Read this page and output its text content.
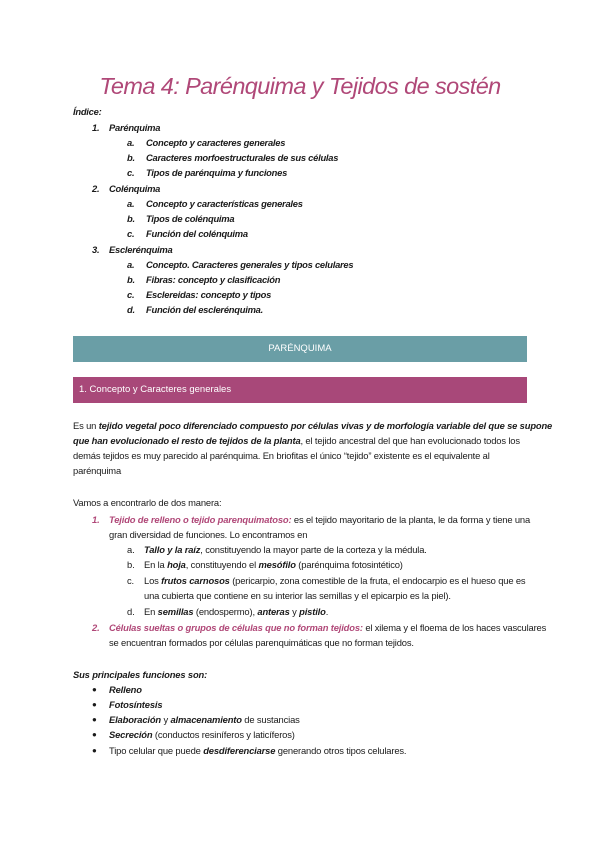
Tema 4: Parénquima y Tejidos de sostén
Índice:
1. Parénquima
a. Concepto y caracteres generales
b. Caracteres morfoestructurales de sus células
c. Tipos de parénquima y funciones
2. Colénquima
a. Concepto y características generales
b. Tipos de colénquima
c. Función del colénquima
3. Esclerénquima
a. Concepto. Caracteres generales y tipos celulares
b. Fibras: concepto y clasificación
c. Esclereidas: concepto y tipos
d. Función del esclerénquima.
PARÉNQUIMA
1. Concepto y Caracteres generales
Es un tejido vegetal poco diferenciado compuesto por células vivas y de morfología variable del que se supone
que han evolucionado el resto de tejidos de la planta, el tejido ancestral del que han evolucionado todos los
demás tejidos es muy parecido al parénquima. En briofitas el único “tejido” existente es el equivalente al
parénquima
Vamos a encontrarlo de dos manera:
1. Tejido de relleno o tejido parenquimatoso: es el tejido mayoritario de la planta, le da forma y tiene una
gran diversidad de funciones. Lo encontramos en
a. Tallo y la raíz, constituyendo la mayor parte de la corteza y la médula.
b. En la hoja, constituyendo el mesófilo (parénquima fotosintético)
c. Los frutos carnosos (pericarpio, zona comestible de la fruta, el endocarpio es el hueso que es
una cubierta que contiene en su interior las semillas y el epicarpio es la piel).
d. En semillas (endospermo), anteras y pistilo.
2. Células sueltas o grupos de células que no forman tejidos: el xilema y el floema de los haces vasculares
se encuentran formados por células parenquimáticas que no forman tejidos.
Sus principales funciones son:
● Relleno
● Fotosíntesis
● Elaboración y almacenamiento de sustancias
● Secreción (conductos resiníferos y laticíferos)
● Tipo celular que puede desdiferenciarse generando otros tipos celulares.
